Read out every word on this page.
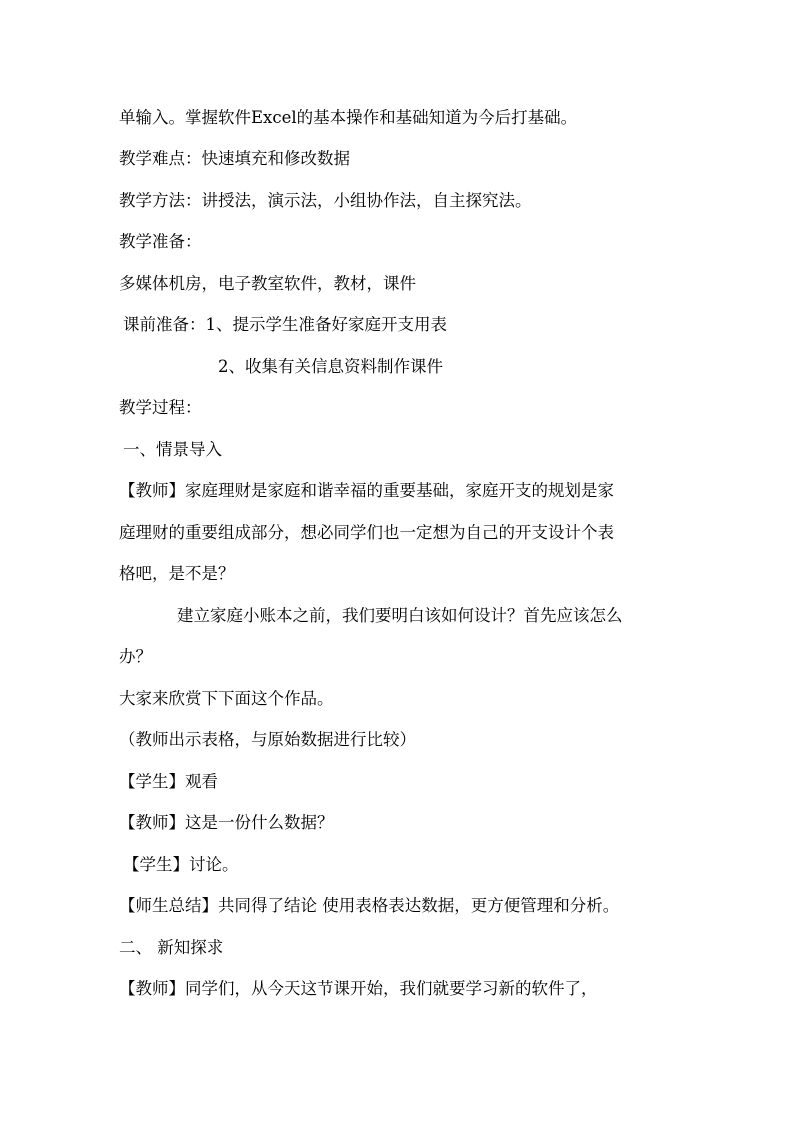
单输入。掌握软件Excel的基本操作和基础知道为今后打基础。
教学难点：快速填充和修改数据
教学方法：讲授法，演示法，小组协作法，自主探究法。
教学准备：
多媒体机房，电子教室软件，教材，课件
课前准备：1、提示学生准备好家庭开支用表
2、收集有关信息资料制作课件
教学过程：
一、情景导入
【教师】家庭理财是家庭和谐幸福的重要基础，家庭开支的规划是家
庭理财的重要组成部分，想必同学们也一定想为自己的开支设计个表
格吧，是不是？
建立家庭小账本之前，我们要明白该如何设计？首先应该怎么
办？
大家来欣赏下下面这个作品。
（教师出示表格，与原始数据进行比较）
【学生】观看
【教师】这是一份什么数据？
【学生】讨论。
【师生总结】共同得了结论 使用表格表达数据，更方便管理和分析。
二、 新知探求
【教师】同学们，从今天这节课开始，我们就要学习新的软件了，
